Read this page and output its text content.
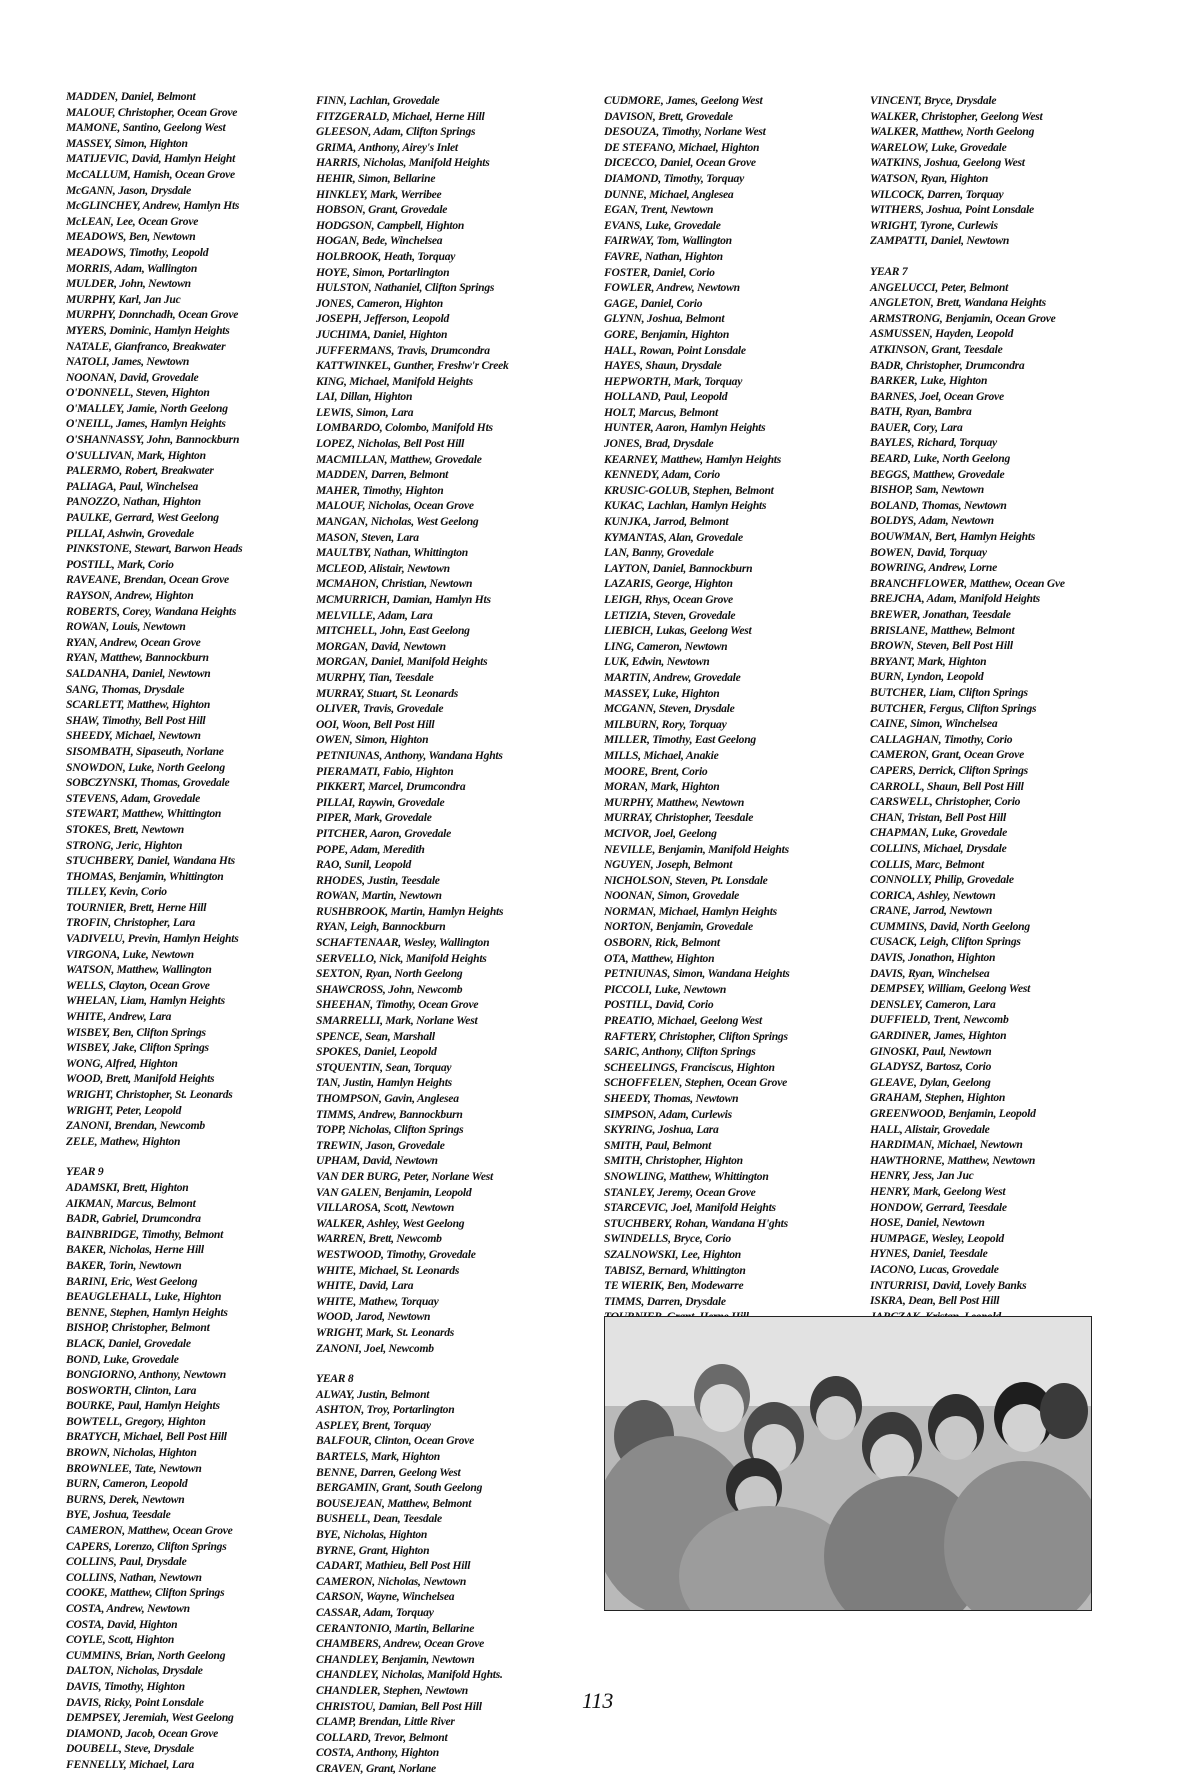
MADDEN, Daniel, Belmont
MALOUF, Christopher, Ocean Grove
MAMONE, Santino, Geelong West
MASSEY, Simon, Highton
MATIJEVIC, David, Hamlyn Height
McCALLUM, Hamish, Ocean Grove
McGANN, Jason, Drysdale
McGLINCHEY, Andrew, Hamlyn Hts
McLEAN, Lee, Ocean Grove
MEADOWS, Ben, Newtown
MEADOWS, Timothy, Leopold
MORRIS, Adam, Wallington
MULDER, John, Newtown
MURPHY, Karl, Jan Juc
MURPHY, Donnchadh, Ocean Grove
MYERS, Dominic, Hamlyn Heights
NATALE, Gianfranco, Breakwater
NATOLI, James, Newtown
NOONAN, David, Grovedale
O'DONNELL, Steven, Highton
O'MALLEY, Jamie, North Geelong
O'NEILL, James, Hamlyn Heights
O'SHANNASSY, John, Bannockburn
O'SULLIVAN, Mark, Highton
PALERMO, Robert, Breakwater
PALIAGA, Paul, Winchelsea
PANOZZO, Nathan, Highton
PAULKE, Gerrard, West Geelong
PILLAI, Ashwin, Grovedale
PINKSTONE, Stewart, Barwon Heads
POSTILL, Mark, Corio
RAVEANE, Brendan, Ocean Grove
RAYSON, Andrew, Highton
ROBERTS, Corey, Wandana Heights
ROWAN, Louis, Newtown
RYAN, Andrew, Ocean Grove
RYAN, Matthew, Bannockburn
SALDANHA, Daniel, Newtown
SANG, Thomas, Drysdale
SCARLETT, Matthew, Highton
SHAW, Timothy, Bell Post Hill
SHEEDY, Michael, Newtown
SISOMBATH, Sipaseuth, Norlane
SNOWDON, Luke, North Geelong
SOBCZYNSKI, Thomas, Grovedale
STEVENS, Adam, Grovedale
STEWART, Matthew, Whittington
STOKES, Brett, Newtown
STRONG, Jeric, Highton
STUCHBERY, Daniel, Wandana Hts
THOMAS, Benjamin, Whittington
TILLEY, Kevin, Corio
TOURNIER, Brett, Herne Hill
TROFIN, Christopher, Lara
VADIVELU, Previn, Hamlyn Heights
VIRGONA, Luke, Newtown
WATSON, Matthew, Wallington
WELLS, Clayton, Ocean Grove
WHELAN, Liam, Hamlyn Heights
WHITE, Andrew, Lara
WISBEY, Ben, Clifton Springs
WISBEY, Jake, Clifton Springs
WONG, Alfred, Highton
WOOD, Brett, Manifold Heights
WRIGHT, Christopher, St. Leonards
WRIGHT, Peter, Leopold
ZANONI, Brendan, Newcomb
ZELE, Mathew, Highton
YEAR 9
ADAMSKI, Brett, Highton
AIKMAN, Marcus, Belmont
BADR, Gabriel, Drumcondra
BAINBRIDGE, Timothy, Belmont
BAKER, Nicholas, Herne Hill
BAKER, Torin, Newtown
BARINI, Eric, West Geelong
BEAUGLEHALL, Luke, Highton
BENNE, Stephen, Hamlyn Heights
BISHOP, Christopher, Belmont
BLACK, Daniel, Grovedale
BOND, Luke, Grovedale
BONGIORNO, Anthony, Newtown
BOSWORTH, Clinton, Lara
BOURKE, Paul, Hamlyn Heights
BOWTELL, Gregory, Highton
BRATYCH, Michael, Bell Post Hill
BROWN, Nicholas, Highton
BROWNLEE, Tate, Newtown
BURN, Cameron, Leopold
BURNS, Derek, Newtown
BYE, Joshua, Teesdale
CAMERON, Matthew, Ocean Grove
CAPERS, Lorenzo, Clifton Springs
COLLINS, Paul, Drysdale
COLLINS, Nathan, Newtown
COOKE, Matthew, Clifton Springs
COSTA, Andrew, Newtown
COSTA, David, Highton
COYLE, Scott, Highton
CUMMINS, Brian, North Geelong
DALTON, Nicholas, Drysdale
DAVIS, Timothy, Highton
DAVIS, Ricky, Point Lonsdale
DEMPSEY, Jeremiah, West Geelong
DIAMOND, Jacob, Ocean Grove
DOUBELL, Steve, Drysdale
FENNELLY, Michael, Lara
FINN, Lachlan, Grovedale
FITZGERALD, Michael, Herne Hill
GLEESON, Adam, Clifton Springs
GRIMA, Anthony, Airey's Inlet
HARRIS, Nicholas, Manifold Heights
HEHIR, Simon, Bellarine
HINKLEY, Mark, Werribee
HOBSON, Grant, Grovedale
HODGSON, Campbell, Highton
HOGAN, Bede, Winchelsea
HOLBROOK, Heath, Torquay
HOYE, Simon, Portarlington
HULSTON, Nathaniel, Clifton Springs
JONES, Cameron, Highton
JOSEPH, Jefferson, Leopold
JUCHIMA, Daniel, Highton
JUFFERMANS, Travis, Drumcondra
KATTWINKEL, Gunther, Freshw'r Creek
KING, Michael, Manifold Heights
LAI, Dillan, Highton
LEWIS, Simon, Lara
LOMBARDO, Colombo, Manifold Hts
LOPEZ, Nicholas, Bell Post Hill
MACMILLAN, Matthew, Grovedale
MADDEN, Darren, Belmont
MAHER, Timothy, Highton
MALOUF, Nicholas, Ocean Grove
MANGAN, Nicholas, West Geelong
MASON, Steven, Lara
MAULTBY, Nathan, Whittington
MCLEOD, Alistair, Newtown
MCMAHON, Christian, Newtown
MCMURRICH, Damian, Hamlyn Hts
MELVILLE, Adam, Lara
MITCHELL, John, East Geelong
MORGAN, David, Newtown
MORGAN, Daniel, Manifold Heights
MURPHY, Tian, Teesdale
MURRAY, Stuart, St. Leonards
OLIVER, Travis, Grovedale
OOI, Woon, Bell Post Hill
OWEN, Simon, Highton
PETNIUNAS, Anthony, Wandana Hghts
PIERAMATI, Fabio, Highton
PIKKERT, Marcel, Drumcondra
PILLAI, Raywin, Grovedale
PIPER, Mark, Grovedale
PITCHER, Aaron, Grovedale
POPE, Adam, Meredith
RAO, Sunil, Leopold
RHODES, Justin, Teesdale
ROWAN, Martin, Newtown
RUSHBROOK, Martin, Hamlyn Heights
RYAN, Leigh, Bannockburn
SCHAFTENAAR, Wesley, Wallington
SERVELLO, Nick, Manifold Heights
SEXTON, Ryan, North Geelong
SHAWCROSS, John, Newcomb
SHEEHAN, Timothy, Ocean Grove
SMARRELLI, Mark, Norlane West
SPENCE, Sean, Marshall
SPOKES, Daniel, Leopold
STQUENTIN, Sean, Torquay
TAN, Justin, Hamlyn Heights
THOMPSON, Gavin, Anglesea
TIMMS, Andrew, Bannockburn
TOPP, Nicholas, Clifton Springs
TREWIN, Jason, Grovedale
UPHAM, David, Newtown
VAN DER BURG, Peter, Norlane West
VAN GALEN, Benjamin, Leopold
VILLAROSA, Scott, Newtown
WALKER, Ashley, West Geelong
WARREN, Brett, Newcomb
WESTWOOD, Timothy, Grovedale
WHITE, Michael, St. Leonards
WHITE, David, Lara
WHITE, Mathew, Torquay
WOOD, Jarod, Newtown
WRIGHT, Mark, St. Leonards
ZANONI, Joel, Newcomb
YEAR 8
ALWAY, Justin, Belmont
ASHTON, Troy, Portarlington
ASPLEY, Brent, Torquay
BALFOUR, Clinton, Ocean Grove
BARTELS, Mark, Highton
BENNE, Darren, Geelong West
BERGAMIN, Grant, South Geelong
BOUSEJEAN, Matthew, Belmont
BUSHELL, Dean, Teesdale
BYE, Nicholas, Highton
BYRNE, Grant, Highton
CADART, Mathieu, Bell Post Hill
CAMERON, Nicholas, Newtown
CARSON, Wayne, Winchelsea
CASSAR, Adam, Torquay
CERANTONIO, Martin, Bellarine
CHAMBERS, Andrew, Ocean Grove
CHANDLEY, Benjamin, Newtown
CHANDLEY, Nicholas, Manifold Hghts.
CHANDLER, Stephen, Newtown
CHRISTOU, Damian, Bell Post Hill
CLAMP, Brendan, Little River
COLLARD, Trevor, Belmont
COSTA, Anthony, Highton
CRAVEN, Grant, Norlane
CUDMORE, James, Geelong West
DAVISON, Brett, Grovedale
DESOUZA, Timothy, Norlane West
DE STEFANO, Michael, Highton
DICECCO, Daniel, Ocean Grove
DIAMOND, Timothy, Torquay
DUNNE, Michael, Anglesea
EGAN, Trent, Newtown
EVANS, Luke, Grovedale
FAIRWAY, Tom, Wallington
FAVRE, Nathan, Highton
FOSTER, Daniel, Corio
FOWLER, Andrew, Newtown
GAGE, Daniel, Corio
GLYNN, Joshua, Belmont
GORE, Benjamin, Highton
HALL, Rowan, Point Lonsdale
HAYES, Shaun, Drysdale
HEPWORTH, Mark, Torquay
HOLLAND, Paul, Leopold
HOLT, Marcus, Belmont
HUNTER, Aaron, Hamlyn Heights
JONES, Brad, Drysdale
KEARNEY, Matthew, Hamlyn Heights
KENNEDY, Adam, Corio
KRUSIC-GOLUB, Stephen, Belmont
KUKAC, Lachlan, Hamlyn Heights
KUNJKA, Jarrod, Belmont
KYMANTAS, Alan, Grovedale
LAN, Banny, Grovedale
LAYTON, Daniel, Bannockburn
LAZARIS, George, Highton
LEIGH, Rhys, Ocean Grove
LETIZIA, Steven, Grovedale
LIEBICH, Lukas, Geelong West
LING, Cameron, Newtown
LUK, Edwin, Newtown
MARTIN, Andrew, Grovedale
MASSEY, Luke, Highton
MCGANN, Steven, Drysdale
MILBURN, Rory, Torquay
MILLER, Timothy, East Geelong
MILLS, Michael, Anakie
MOORE, Brent, Corio
MORAN, Mark, Highton
MURPHY, Matthew, Newtown
MURRAY, Christopher, Teesdale
MCIVOR, Joel, Geelong
NEVILLE, Benjamin, Manifold Heights
NGUYEN, Joseph, Belmont
NICHOLSON, Steven, Pt. Lonsdale
NOONAN, Simon, Grovedale
NORMAN, Michael, Hamlyn Heights
NORTON, Benjamin, Grovedale
OSBORN, Rick, Belmont
OTA, Matthew, Highton
PETNIUNAS, Simon, Wandana Heights
PICCOLI, Luke, Newtown
POSTILL, David, Corio
PREATIO, Michael, Geelong West
RAFTERY, Christopher, Clifton Springs
SARIC, Anthony, Clifton Springs
SCHEELINGS, Franciscus, Highton
SCHOFFELEN, Stephen, Ocean Grove
SHEEDY, Thomas, Newtown
SIMPSON, Adam, Curlewis
SKYRING, Joshua, Lara
SMITH, Paul, Belmont
SMITH, Christopher, Highton
SNOWLING, Matthew, Whittington
STANLEY, Jeremy, Ocean Grove
STARCEVIC, Joel, Manifold Heights
STUCHBERY, Rohan, Wandana H'ghts
SWINDELLS, Bryce, Corio
SZALNOWSKI, Lee, Highton
TABISZ, Bernard, Whittington
TE WIERIK, Ben, Modewarre
TIMMS, Darren, Drysdale
VINCENT, Bryce, Drysdale
WALKER, Christopher, Geelong West
WALKER, Matthew, North Geelong
WARELOW, Luke, Grovedale
WATKINS, Joshua, Geelong West
WATSON, Ryan, Highton
WILCOCK, Darren, Torquay
WITHERS, Joshua, Point Lonsdale
WRIGHT, Tyrone, Curlewis
ZAMPATTI, Daniel, Newtown
YEAR 7
ANGELUCCI, Peter, Belmont
ANGLETON, Brett, Wandana Heights
ARMSTRONG, Benjamin, Ocean Grove
ASMUSSEN, Hayden, Leopold
ATKINSON, Grant, Teesdale
BADR, Christopher, Drumcondra
BARKER, Luke, Highton
BARNES, Joel, Ocean Grove
BATH, Ryan, Bambra
BAUER, Cory, Lara
BAYLES, Richard, Torquay
BEARD, Luke, North Geelong
BEGGS, Matthew, Grovedale
BISHOP, Sam, Newtown
BOLAND, Thomas, Newtown
BOLDYS, Adam, Newtown
BOUWMAN, Bert, Hamlyn Heights
BOWEN, David, Torquay
BOWRING, Andrew, Lorne
BRANCHFLOWER, Matthew, Ocean Gve
BREJCHA, Adam, Manifold Heights
BREWER, Jonathan, Teesdale
BRISLANE, Matthew, Belmont
BROWN, Steven, Bell Post Hill
BRYANT, Mark, Highton
BURN, Lyndon, Leopold
BUTCHER, Liam, Clifton Springs
BUTCHER, Fergus, Clifton Springs
CAINE, Simon, Winchelsea
CALLAGHAN, Timothy, Corio
CAMERON, Grant, Ocean Grove
CAPERS, Derrick, Clifton Springs
CARROLL, Shaun, Bell Post Hill
CARSWELL, Christopher, Corio
CHAN, Tristan, Bell Post Hill
CHAPMAN, Luke, Grovedale
COLLINS, Michael, Drysdale
COLLIS, Marc, Belmont
CONNOLLY, Philip, Grovedale
CORICA, Ashley, Newtown
CRANE, Jarrod, Newtown
CUMMINS, David, North Geelong
CUSACK, Leigh, Clifton Springs
DAVIS, Jonathon, Highton
DAVIS, Ryan, Winchelsea
DEMPSEY, William, Geelong West
DENSLEY, Cameron, Lara
DUFFIELD, Trent, Newcomb
GARDINER, James, Highton
GINOSKI, Paul, Newtown
GLADYSZ, Bartosz, Corio
GLEAVE, Dylan, Geelong
GRAHAM, Stephen, Highton
GREENWOOD, Benjamin, Leopold
HALL, Alistair, Grovedale
HARDIMAN, Michael, Newtown
HAWTHORNE, Matthew, Newtown
HENRY, Jess, Jan Juc
HENRY, Mark, Geelong West
HONDOW, Gerrard, Teesdale
HOSE, Daniel, Newtown
HUMPAGE, Wesley, Leopold
HYNES, Daniel, Teesdale
IACONO, Lucas, Grovedale
INTURRISI, David, Lovely Banks
ISKRA, Dean, Bell Post Hill
113
